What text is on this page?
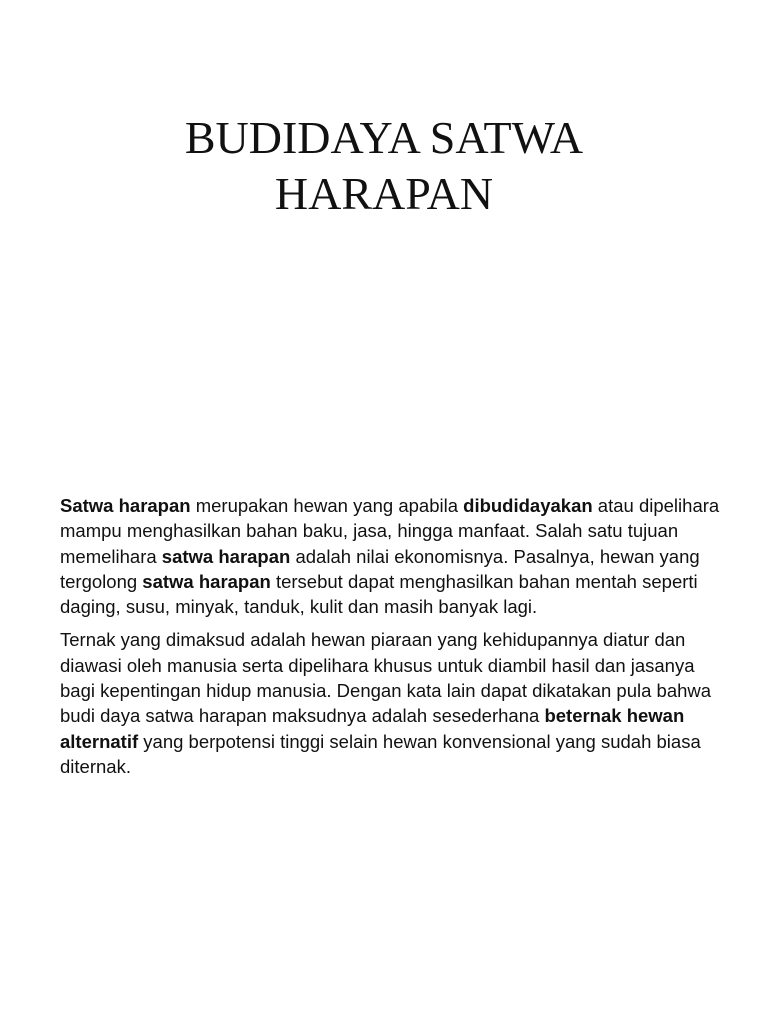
BUDIDAYA SATWA
HARAPAN

Satwa harapan merupakan hewan yang apabila dibudidayakan atau dipelihara mampu menghasilkan bahan baku, jasa, hingga manfaat. Salah satu tujuan memelihara satwa harapan adalah nilai ekonomisnya. Pasalnya, hewan yang tergolong satwa harapan tersebut dapat menghasilkan bahan mentah seperti daging, susu, minyak, tanduk, kulit dan masih banyak lagi.

Ternak yang dimaksud adalah hewan piaraan yang kehidupannya diatur dan diawasi oleh manusia serta dipelihara khusus untuk diambil hasil dan jasanya bagi kepentingan hidup manusia. Dengan kata lain dapat dikatakan pula bahwa budi daya satwa harapan maksudnya adalah sesederhana beternak hewan alternatif yang berpotensi tinggi selain hewan konvensional yang sudah biasa diternak.
